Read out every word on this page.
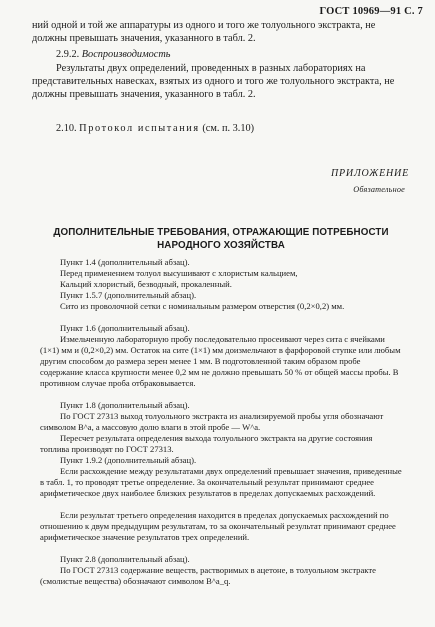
ГОСТ 10969—91 С. 7
ний одной и той же аппаратуры из одного и того же толуольного экстракта, не должны превышать значения, указанного в табл. 2.
2.9.2. Воспроизводимость
Результаты двух определений, проведенных в разных лабораториях на представительных навесках, взятых из одного и того же толуольного экстракта, не должны превышать значения, указанного в табл. 2.
2.10. Протокол испытания (см. п. 3.10)
ПРИЛОЖЕНИЕ
Обязательное
ДОПОЛНИТЕЛЬНЫЕ ТРЕБОВАНИЯ, ОТРАЖАЮЩИЕ ПОТРЕБНОСТИ НАРОДНОГО ХОЗЯЙСТВА
Пункт 1.4 (дополнительный абзац).
Перед применением толуол высушивают с хлористым кальцием,
Кальций хлористый, безводный, прокаленный.
Пункт 1.5.7 (дополнительный абзац).
Сито из проволочной сетки с номинальным размером отверстия (0,2×0,2) мм.
Пункт 1.6 (дополнительный абзац).
Измельченную лабораторную пробу последовательно просеивают через сита с ячейками (1×1) мм и (0,2×0,2) мм. Остаток на сите (1×1) мм доизмельчают в фарфоровой ступке или любым другим способом до размера зерен менее 1 мм. В подготовленной таким образом пробе содержание класса крупности менее 0,2 мм не должно превышать 50 % от общей массы пробы. В противном случае проба отбраковывается.
Пункт 1.8 (дополнительный абзац).
По ГОСТ 27313 выход толуольного экстракта из анализируемой пробы угля обозначают символом B^a, а массовую долю влаги в этой пробе — W^a.
Пересчет результата определения выхода толуольного экстракта на другие состояния топлива производят по ГОСТ 27313.
Пункт 1.9.2 (дополнительный абзац).
Если расхождение между результатами двух определений превышает значения, приведенные в табл. 1, то проводят третье определение. За окончательный результат принимают среднее арифметическое двух наиболее близких результатов в пределах допускаемых расхождений.
Если результат третьего определения находится в пределах допускаемых расхождений по отношению к двум предыдущим результатам, то за окончательный результат принимают среднее арифметическое значение результатов трех определений.
Пункт 2.8 (дополнительный абзац).
По ГОСТ 27313 содержание веществ, растворимых в ацетоне, в толуольном экстракте (смолистые вещества) обозначают символом B^a_q.
